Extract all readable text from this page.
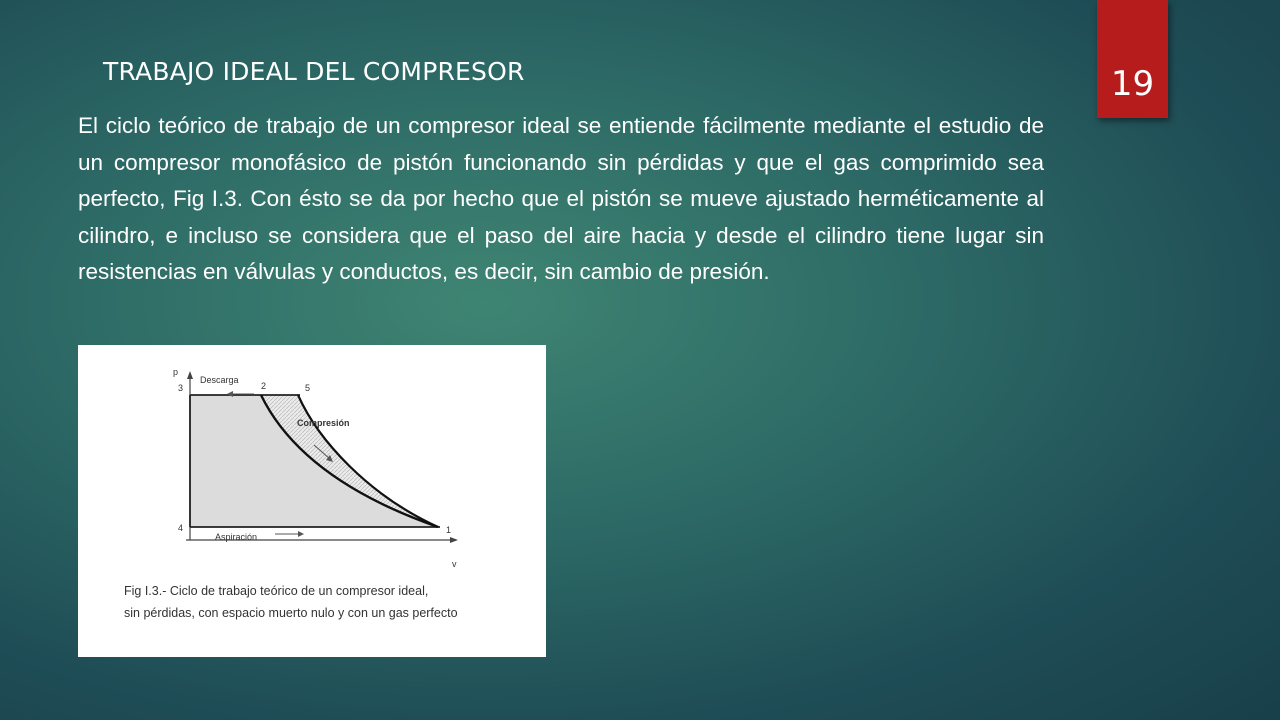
19
TRABAJO IDEAL DEL COMPRESOR

El ciclo teórico de trabajo de un compresor ideal se entiende fácilmente mediante el estudio de un compresor monofásico de pistón funcionando sin pérdidas y que el gas comprimido sea perfecto, Fig I.3. Con ésto se da por hecho que el pistón se mueve ajustado herméticamente al cilindro, e incluso se considera que el paso del aire hacia y desde el cilindro tiene lugar sin resistencias en válvulas y conductos, es decir, sin cambio de presión.

p
v
3
4
2	5
1
Descarga
Compresión
Aspiración
Fig I.3.- Ciclo de trabajo teórico de un compresor ideal,
sin pérdidas, con espacio muerto nulo y con un gas perfecto
